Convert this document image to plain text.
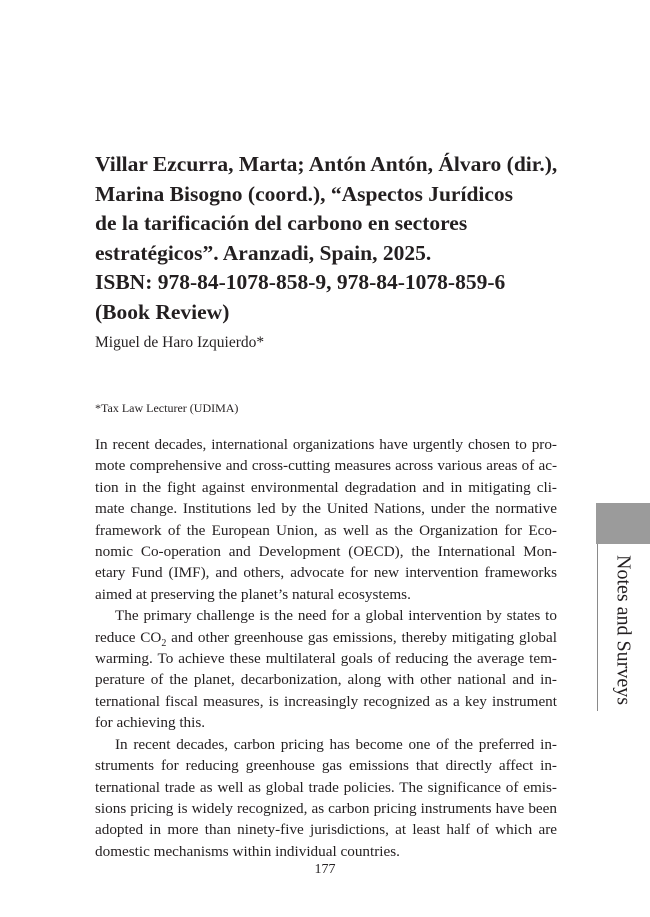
Villar Ezcurra, Marta; Antón Antón, Álvaro (dir.),
Marina Bisogno (coord.), “Aspectos Jurídicos
de la tarificación del carbono en sectores
estratégicos”. Aranzadi, Spain, 2025.
ISBN: 978-84-1078-858-9, 978-84-1078-859-6
(Book Review)
Miguel de Haro Izquierdo*
*Tax Law Lecturer (UDIMA)
In recent decades, international organizations have urgently chosen to pro-
mote comprehensive and cross-cutting measures across various areas of ac-
tion in the fight against environmental degradation and in mitigating cli-
mate change. Institutions led by the United Nations, under the normative
framework of the European Union, as well as the Organization for Eco-
nomic Co-operation and Development (OECD), the International Mon-
etary Fund (IMF), and others, advocate for new intervention frameworks
aimed at preserving the planet’s natural ecosystems.
The primary challenge is the need for a global intervention by states to
reduce $CO_2$ and other greenhouse gas emissions, thereby mitigating global
warming. To achieve these multilateral goals of reducing the average tem-
perature of the planet, decarbonization, along with other national and in-
ternational fiscal measures, is increasingly recognized as a key instrument
for achieving this.
In recent decades, carbon pricing has become one of the preferred in-
struments for reducing greenhouse gas emissions that directly affect in-
ternational trade as well as global trade policies. The significance of emis-
sions pricing is widely recognized, as carbon pricing instruments have been
adopted in more than ninety-five jurisdictions, at least half of which are
domestic mechanisms within individual countries.
Notes and Surveys
177
